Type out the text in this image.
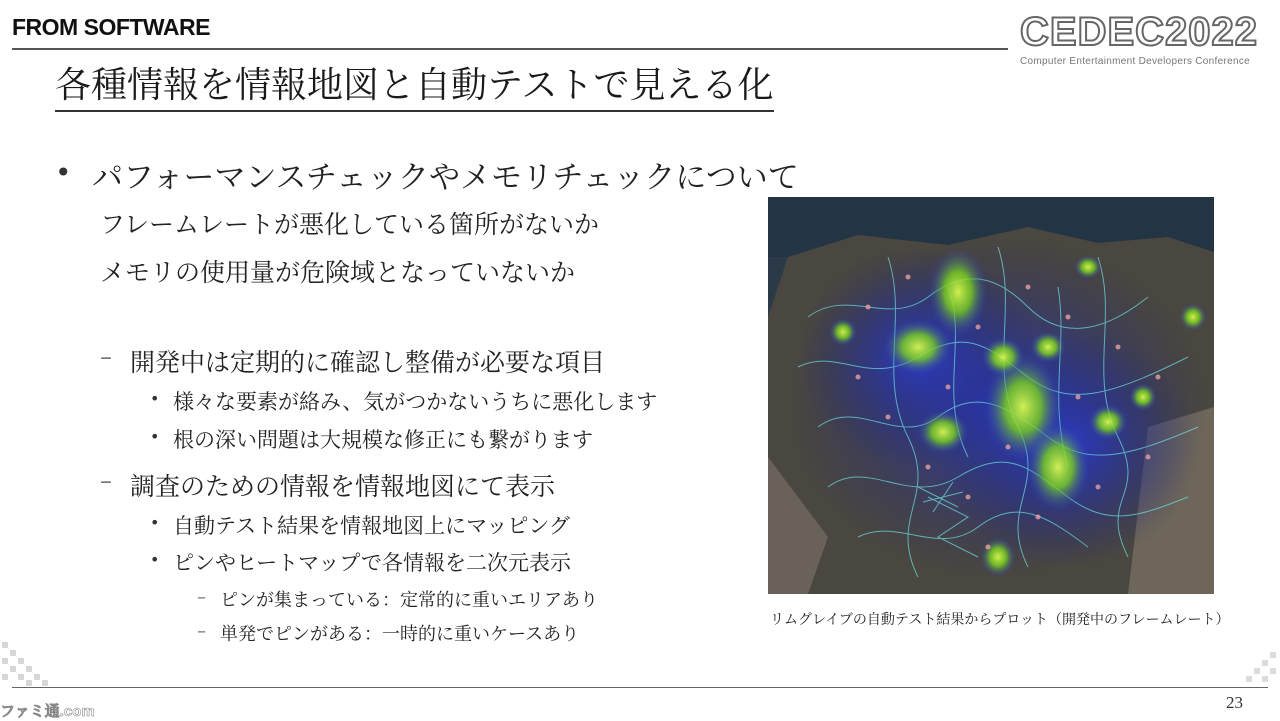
FROM SOFTWARE	CEDEC2022
Computer Entertainment Developers Conference
各種情報を情報地図と自動テストで見える化
• パフォーマンスチェックやメモリチェックについて
フレームレートが悪化している箇所がないか
メモリの使用量が危険域となっていないか
– 開発中は定期的に確認し整備が必要な項目
• 様々な要素が絡み、気がつかないうちに悪化します
• 根の深い問題は大規模な修正にも繋がります
– 調査のための情報を情報地図にて表示
• 自動テスト結果を情報地図上にマッピング
• ピンやヒートマップで各情報を二次元表示
– ピンが集まっている：定常的に重いエリアあり
– 単発でピンがある：一時的に重いケースあり
リムグレイブの自動テスト結果からプロット（開発中のフレームレート）
23
ファミ通.com
